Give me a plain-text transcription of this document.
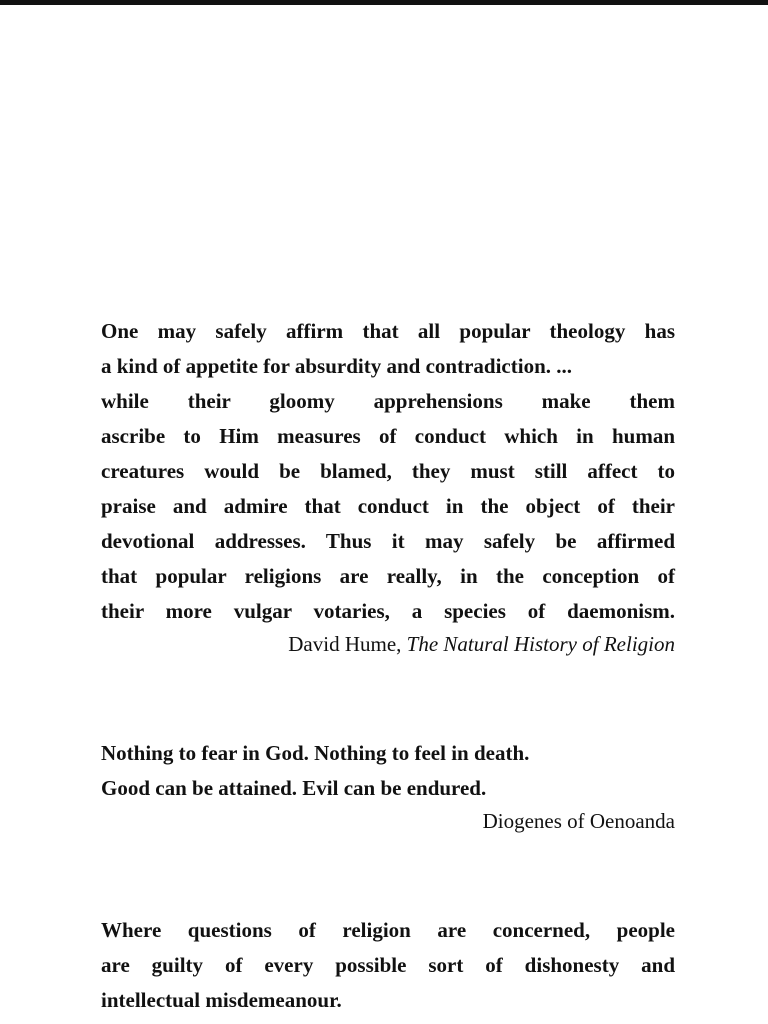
One may safely affirm that all popular theology has
a kind of appetite for absurdity and contradiction. ...
while their gloomy apprehensions make them
ascribe to Him measures of conduct which in human
creatures would be blamed, they must still affect to
praise and admire that conduct in the object of their
devotional addresses. Thus it may safely be affirmed
that popular religions are really, in the conception of
their more vulgar votaries, a species of daemonism.
David Hume, The Natural History of Religion
Nothing to fear in God. Nothing to feel in death.
Good can be attained. Evil can be endured.
Diogenes of Oenoanda
Where questions of religion are concerned, people
are guilty of every possible sort of dishonesty and
intellectual misdemeanour.
